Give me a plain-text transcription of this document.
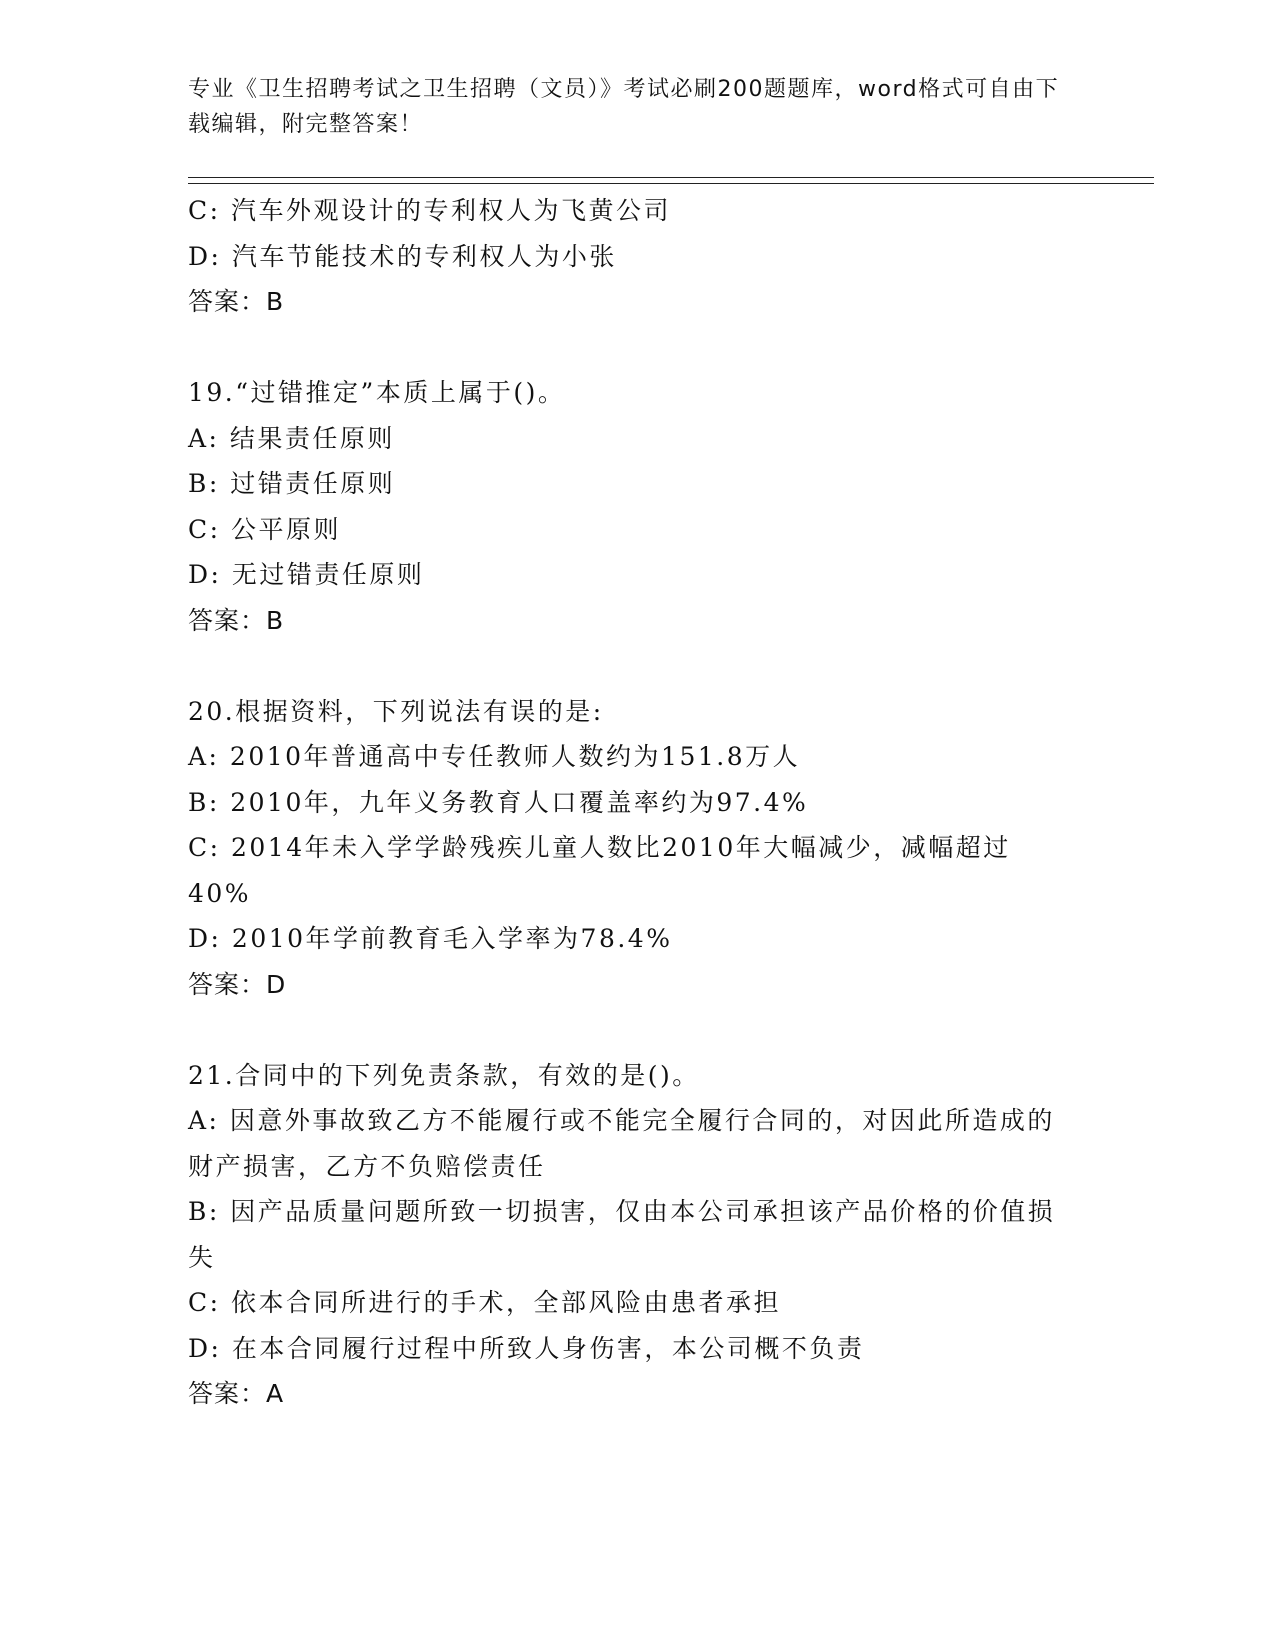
专业《卫生招聘考试之卫生招聘（文员）》考试必刷200题题库，word格式可自由下载编辑，附完整答案！
C: 汽车外观设计的专利权人为飞黄公司
D: 汽车节能技术的专利权人为小张
答案：B
19.“过错推定”本质上属于()。
A: 结果责任原则
B: 过错责任原则
C: 公平原则
D: 无过错责任原则
答案：B
20.根据资料，下列说法有误的是:
A: 2010年普通高中专任教师人数约为151.8万人
B: 2010年，九年义务教育人口覆盖率约为97.4%
C: 2014年未入学学龄残疾儿童人数比2010年大幅减少，减幅超过40%
D: 2010年学前教育毛入学率为78.4%
答案：D
21.合同中的下列免责条款，有效的是()。
A: 因意外事故致乙方不能履行或不能完全履行合同的，对因此所造成的财产损害，乙方不负赔偿责任
B: 因产品质量问题所致一切损害，仅由本公司承担该产品价格的价值损失
C: 依本合同所进行的手术，全部风险由患者承担
D: 在本合同履行过程中所致人身伤害，本公司概不负责
答案：A
